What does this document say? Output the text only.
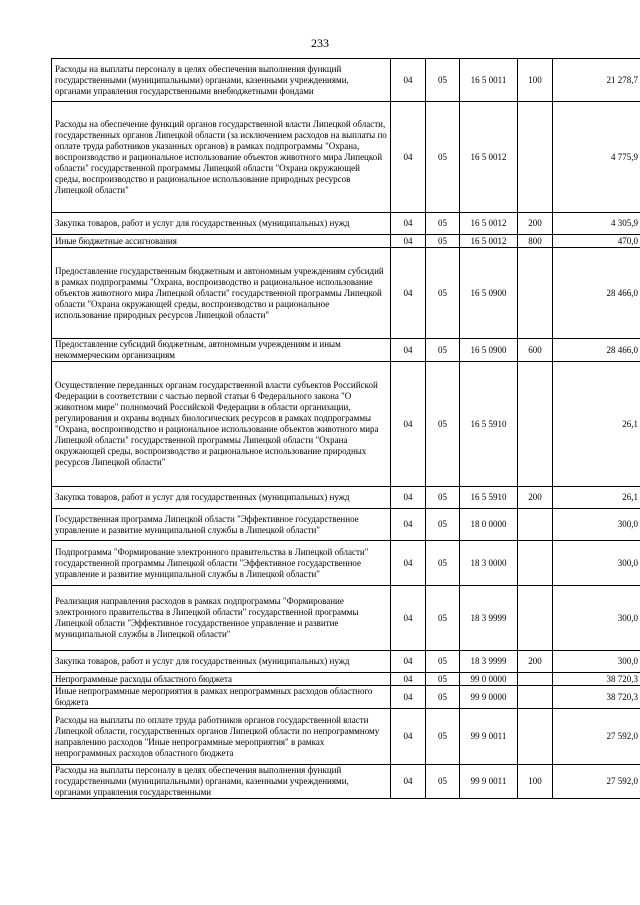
233
Расходы на выплаты персоналу в целях обеспечения выполнения функций государственными (муниципальными) органами, казенными учреждениями, органами управления государственными внебюджетными фондами	04	05	16 5 0011	100	21 278,7
Расходы на обеспечение функций органов государственной власти Липецкой области, государственных органов Липецкой области (за исключением расходов на выплаты по оплате труда работников указанных органов) в рамках подпрограммы "Охрана, воспроизводство и рациональное использование объектов животного мира Липецкой области" государственной программы Липецкой области "Охрана окружающей среды, воспроизводство и рациональное использование природных ресурсов Липецкой области"	04	05	16 5 0012		4 775,9
Закупка товаров, работ и услуг для государственных (муниципальных) нужд	04	05	16 5 0012	200	4 305,9
Иные бюджетные ассигнования	04	05	16 5 0012	800	470,0
Предоставление государственным бюджетным и автономным учреждениям субсидий в рамках подпрограммы "Охрана, воспроизводство и рациональное использование объектов животного мира Липецкой области" государственной программы Липецкой области "Охрана окружающей среды, воспроизводство и рациональное использование природных ресурсов Липецкой области"	04	05	16 5 0900		28 466,0
Предоставление субсидий бюджетным, автономным учреждениям и иным некоммерческим организациям	04	05	16 5 0900	600	28 466,0
Осуществление переданных органам государственной власти субъектов Российской Федерации в соответствии с частью первой статьи 6 Федерального закона "О животном мире" полномочий Российской Федерации в области организации, регулирования и охраны водных биологических ресурсов в рамках подпрограммы "Охрана, воспроизводство и рациональное использование объектов животного мира Липецкой области" государственной программы Липецкой области "Охрана окружающей среды, воспроизводство и рациональное использование природных ресурсов Липецкой области"	04	05	16 5 5910		26,1
Закупка товаров, работ и услуг для государственных (муниципальных) нужд	04	05	16 5 5910	200	26,1
Государственная программа Липецкой области "Эффективное государственное управление и развитие муниципальной службы в Липецкой области"	04	05	18 0 0000		300,0
Подпрограмма "Формирование электронного правительства в Липецкой области" государственной программы Липецкой области "Эффективное государственное управление и развитие муниципальной службы в Липецкой области"	04	05	18 3 0000		300,0
Реализация направления расходов в рамках подпрограммы "Формирование электронного правительства в Липецкой области" государственной программы Липецкой области "Эффективное государственное управление и развитие муниципальной службы в Липецкой области"	04	05	18 3 9999		300,0
Закупка товаров, работ и услуг для государственных (муниципальных) нужд	04	05	18 3 9999	200	300,0
Непрограммные расходы областного бюджета	04	05	99 0 0000		38 720,3
Иные непрограммные мероприятия в рамках непрограммных расходов областного бюджета	04	05	99 9 0000		38 720,3
Расходы на выплаты по оплате труда работников органов государственной власти Липецкой области, государственных органов Липецкой области по непрограммному направлению расходов "Иные непрограммные мероприятия" в рамках непрограммных расходов областного бюджета	04	05	99 9 0011		27 592,0
Расходы на выплаты персоналу в целях обеспечения выполнения функций государственными (муниципальными) органами, казенными учреждениями, органами управления государственными	04	05	99 9 0011	100	27 592,0
